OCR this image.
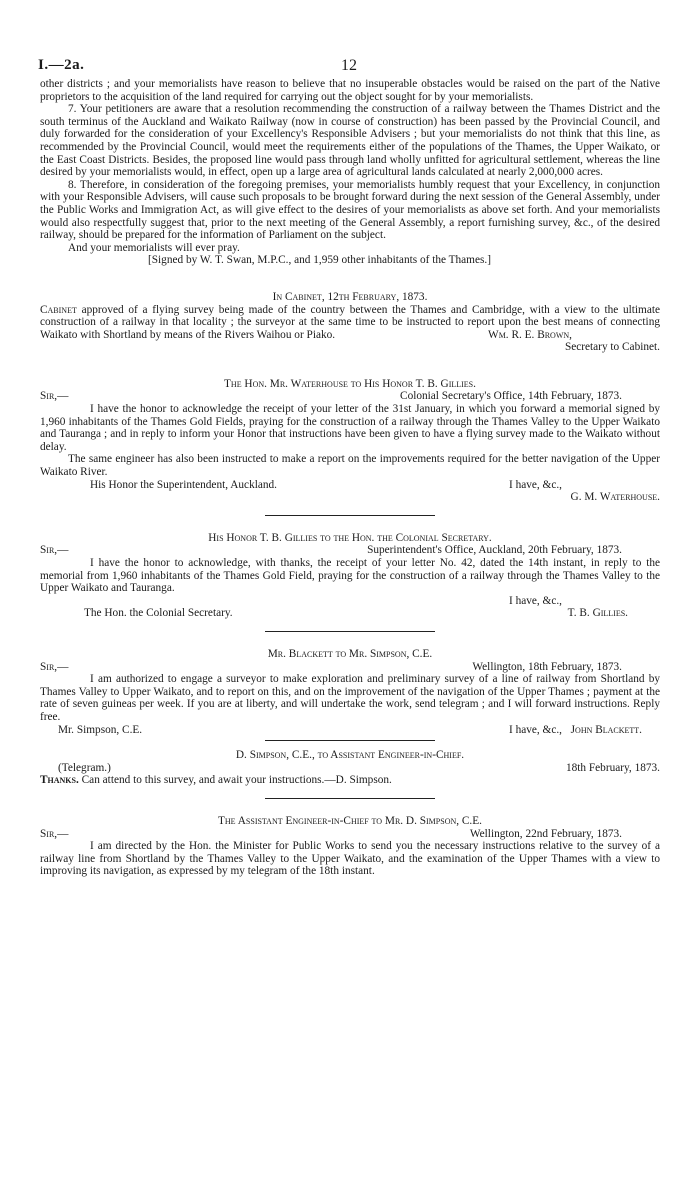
I.—2a.	12

other districts ; and your memorialists have reason to believe that no insuperable obstacles would be raised on the part of the Native proprietors to the acquisition of the land required for carrying out the object sought for by your memorialists.

7. Your petitioners are aware that a resolution recommending the construction of a railway between the Thames District and the south terminus of the Auckland and Waikato Railway (now in course of construction) has been passed by the Provincial Council, and duly forwarded for the consideration of your Excellency's Responsible Advisers ; but your memorialists do not think that this line, as recommended by the Provincial Council, would meet the requirements either of the populations of the Thames, the Upper Waikato, or the East Coast Districts. Besides, the proposed line would pass through land wholly unfitted for agricultural settlement, whereas the line desired by your memorialists would, in effect, open up a large area of agricultural lands calculated at nearly 2,000,000 acres.

8. Therefore, in consideration of the foregoing premises, your memorialists humbly request that your Excellency, in conjunction with your Responsible Advisers, will cause such proposals to be brought forward during the next session of the General Assembly, under the Public Works and Immigration Act, as will give effect to the desires of your memorialists as above set forth. And your memorialists would also respectfully suggest that, prior to the next meeting of the General Assembly, a report furnishing survey, &c., of the desired railway, should be prepared for the information of Parliament on the subject.

And your memorialists will ever pray.

[Signed by W. T. Swan, M.P.C., and 1,959 other inhabitants of the Thames.]

In Cabinet, 12th February, 1873.

Cabinet approved of a flying survey being made of the country between the Thames and Cambridge, with a view to the ultimate construction of a railway in that locality ; the surveyor at the same time to be instructed to report upon the best means of connecting Waikato with Shortland by means of the Rivers Waihou or Piako.	Wm. R. E. Brown,

Secretary to Cabinet.

The Hon. Mr. Waterhouse to His Honor T. B. Gillies.

Sir,—	Colonial Secretary's Office, 14th February, 1873.

I have the honor to acknowledge the receipt of your letter of the 31st January, in which you forward a memorial signed by 1,960 inhabitants of the Thames Gold Fields, praying for the construction of a railway through the Thames Valley to the Upper Waikato and Tauranga ; and in reply to inform your Honor that instructions have been given to have a flying survey made to the Waikato without delay.

The same engineer has also been instructed to make a report on the improvements required for the better navigation of the Upper Waikato River.

His Honor the Superintendent, Auckland.	I have, &c.,

G. M. Waterhouse.

His Honor T. B. Gillies to the Hon. the Colonial Secretary.

Sir,—	Superintendent's Office, Auckland, 20th February, 1873.

I have the honor to acknowledge, with thanks, the receipt of your letter No. 42, dated the 14th instant, in reply to the memorial from 1,960 inhabitants of the Thames Gold Field, praying for the construction of a railway through the Thames Valley to the Upper Waikato and Tauranga.

I have, &c.,

The Hon. the Colonial Secretary.	T. B. Gillies.

Mr. Blackett to Mr. Simpson, C.E.

Sir,—	Wellington, 18th February, 1873.

I am authorized to engage a surveyor to make exploration and preliminary survey of a line of railway from Shortland by Thames Valley to Upper Waikato, and to report on this, and on the improvement of the navigation of the Upper Thames ; payment at the rate of seven guineas per week. If you are at liberty, and will undertake the work, send telegram ; and I will forward instructions. Reply free.

Mr. Simpson, C.E.	I have, &c., John Blackett.

D. Simpson, C.E., to Assistant Engineer-in-Chief.

(Telegram.)	18th February, 1873.

Thanks. Can attend to this survey, and await your instructions.—D. Simpson.

The Assistant Engineer-in-Chief to Mr. D. Simpson, C.E.

Sir,—	Wellington, 22nd February, 1873.

I am directed by the Hon. the Minister for Public Works to send you the necessary instructions relative to the survey of a railway line from Shortland by the Thames Valley to the Upper Waikato, and the examination of the Upper Thames with a view to improving its navigation, as expressed by my telegram of the 18th instant.
